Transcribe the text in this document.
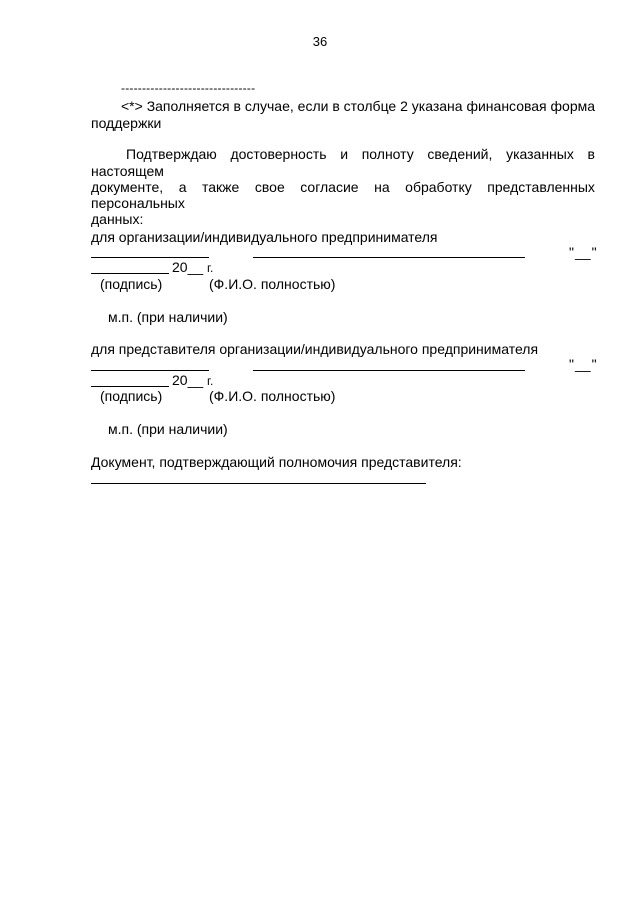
36
--------------------------------
<*> Заполняется в случае, если в столбце 2 указана финансовая форма
поддержки
Подтверждаю достоверность и полноту сведений, указанных в
настоящем
документе, а также свое согласие на обработку представленных
персональных
данных:
для организации/индивидуального предпринимателя
"__"
20__ г.
(подпись)	(Ф.И.О. полностью)
м.п. (при наличии)
для представителя организации/индивидуального предпринимателя
"__"
20__ г.
(подпись)	(Ф.И.О. полностью)
м.п. (при наличии)
Документ, подтверждающий полномочия представителя:
